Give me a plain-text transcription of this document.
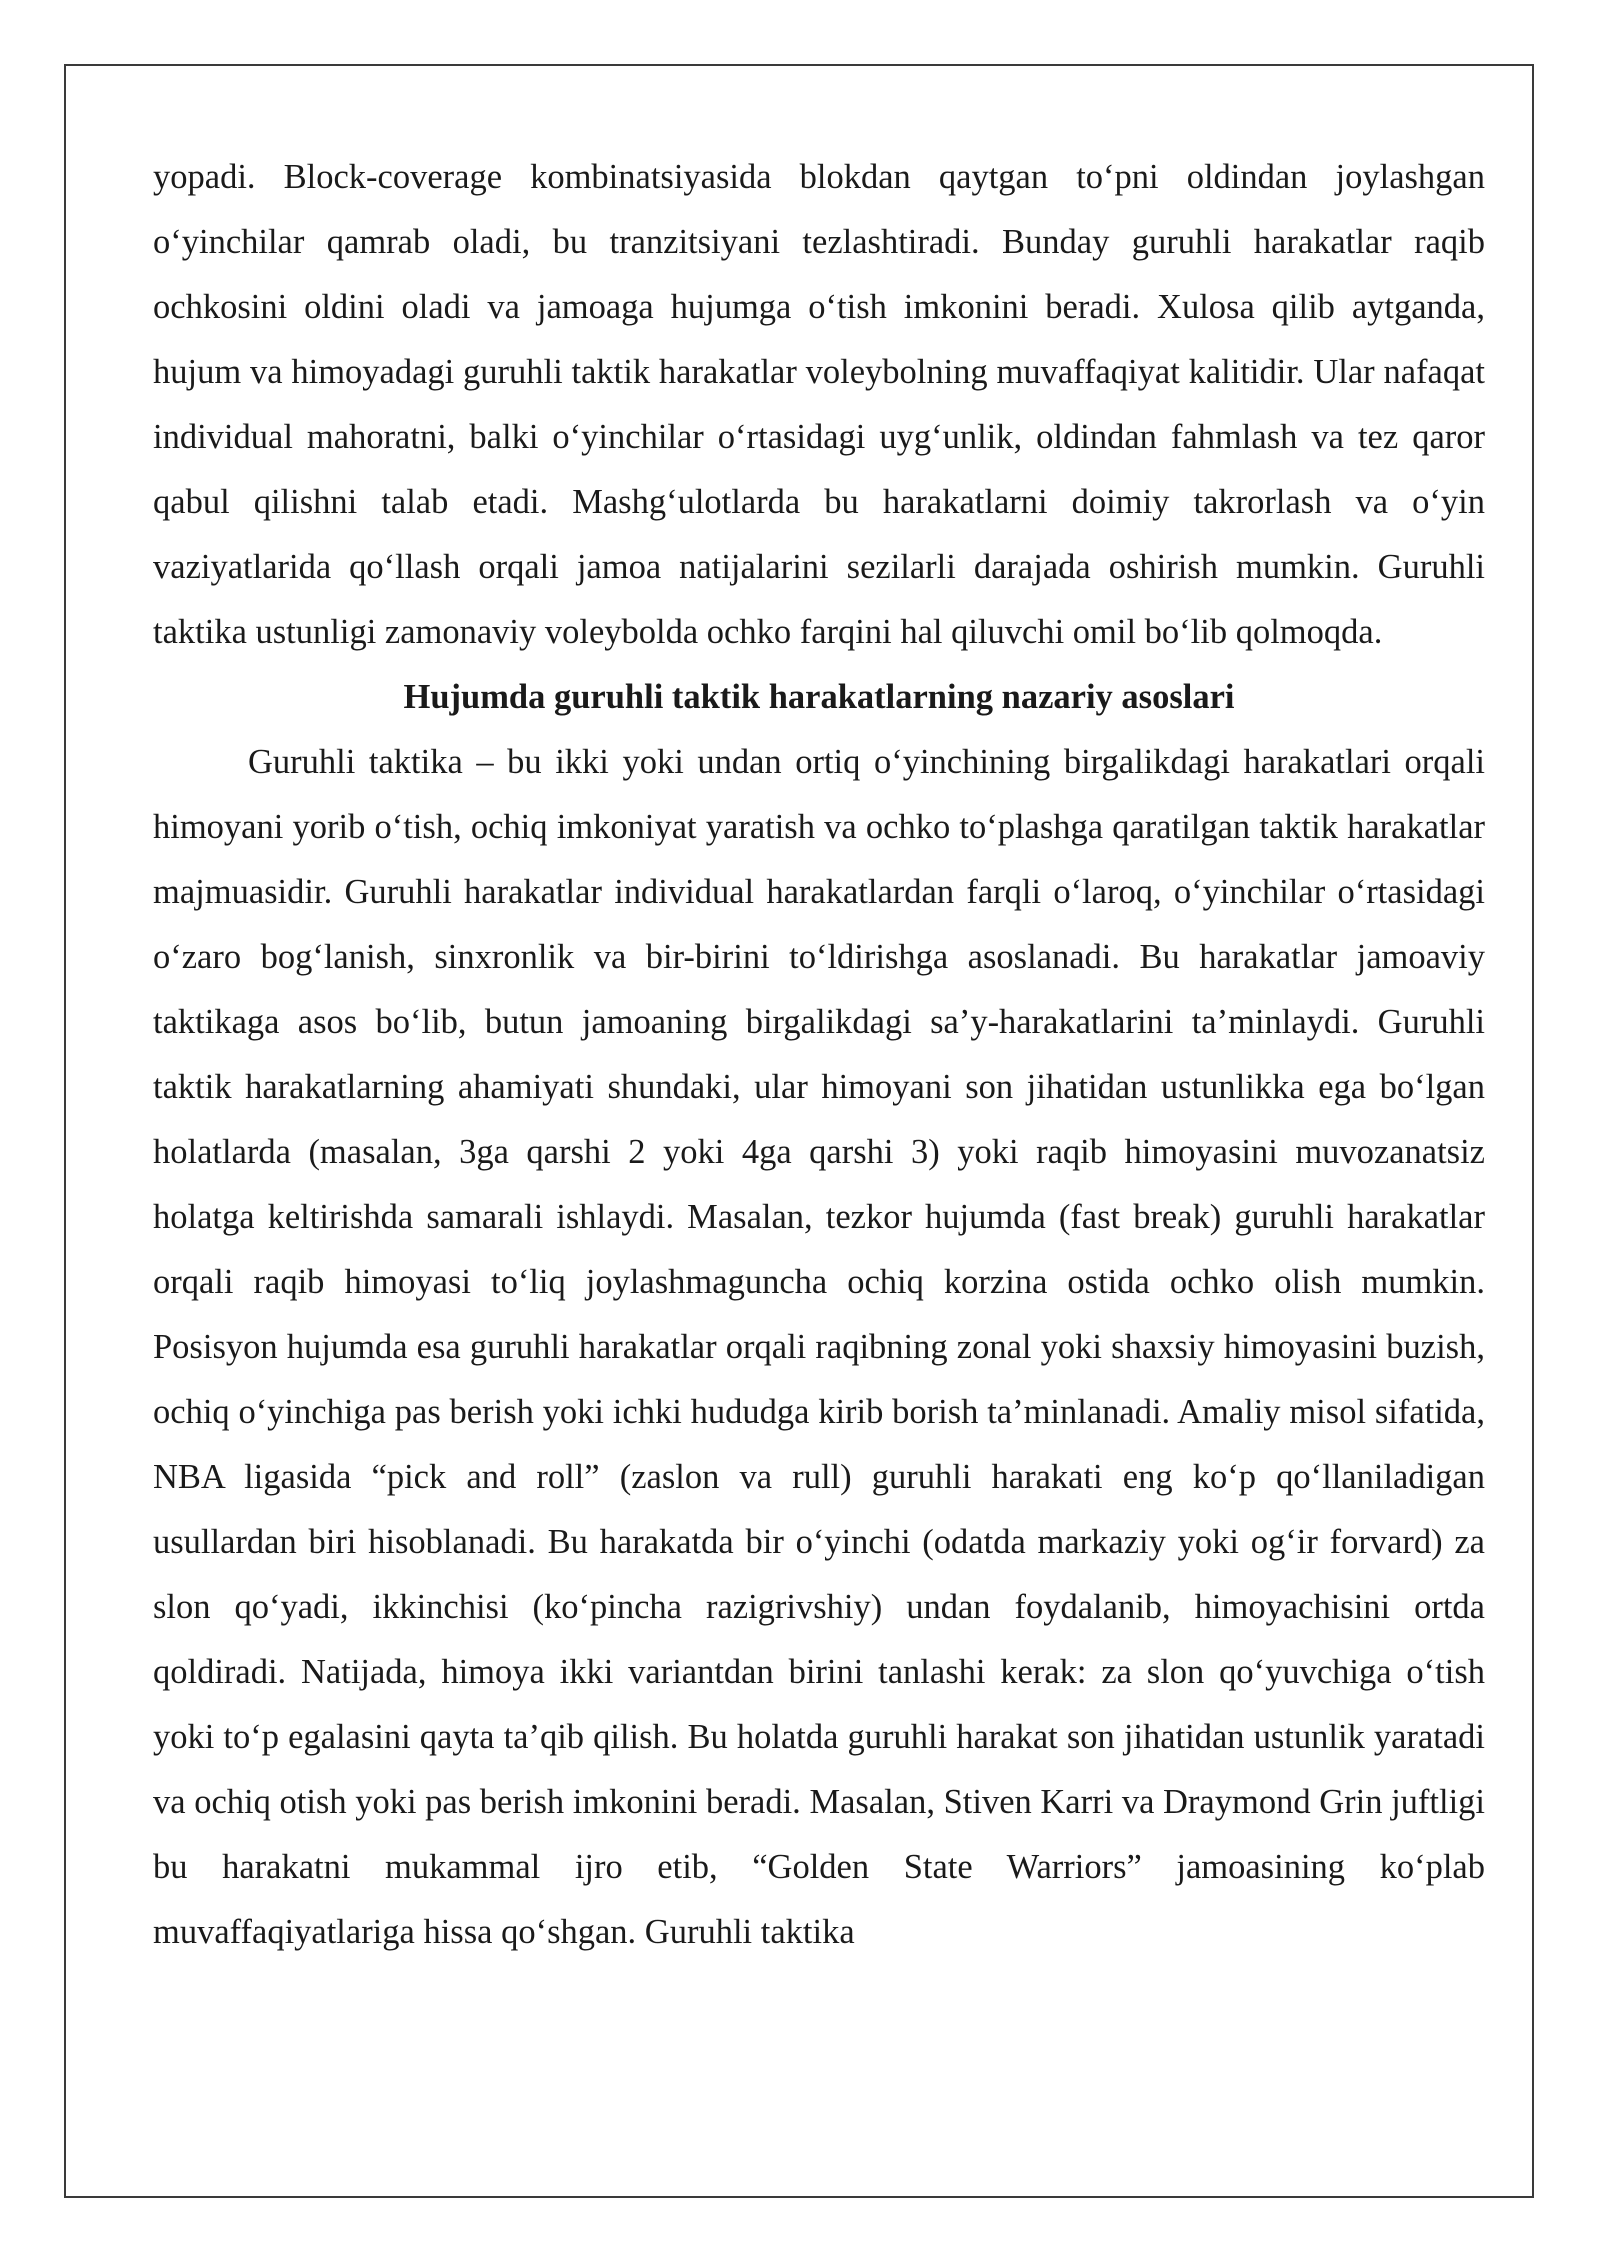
yopadi. Block-coverage kombinatsiyasida blokdan qaytgan to‘pni oldindan joylashgan o‘yinchilar qamrab oladi, bu tranzitsiyani tezlashtiradi. Bunday guruhli harakatlar raqib ochkosini oldini oladi va jamoaga hujumga o‘tish imkonini beradi. Xulosa qilib aytganda, hujum va himoyadagi guruhli taktik harakatlar voleybolning muvaffaqiyat kalitidir. Ular nafaqat individual mahoratni, balki o‘yinchilar o‘rtasidagi uyg‘unlik, oldindan fahmlash va tez qaror qabul qilishni talab etadi. Mashg‘ulotlarda bu harakatlarni doimiy takrorlash va o‘yin vaziyatlarida qo‘llash orqali jamoa natijalarini sezilarli darajada oshirish mumkin. Guruhli taktika ustunligi zamonaviy voleybolda ochko farqini hal qiluvchi omil bo‘lib qolmoqda.

Hujumda guruhli taktik harakatlarning nazariy asoslari

Guruhli taktika – bu ikki yoki undan ortiq o‘yinchining birgalikdagi harakatlari orqali himoyani yorib o‘tish, ochiq imkoniyat yaratish va ochko to‘plashga qaratilgan taktik harakatlar majmuasidir. Guruhli harakatlar individual harakatlardan farqli o‘laroq, o‘yinchilar o‘rtasidagi o‘zaro bog‘lanish, sinxronlik va bir-birini to‘ldirishga asoslanadi. Bu harakatlar jamoaviy taktikaga asos bo‘lib, butun jamoaning birgalikdagi sa’y-harakatlarini ta’minlaydi. Guruhli taktik harakatlarning ahamiyati shundaki, ular himoyani son jihatidan ustunlikka ega bo‘lgan holatlarda (masalan, 3ga qarshi 2 yoki 4ga qarshi 3) yoki raqib himoyasini muvozanatsiz holatga keltirishda samarali ishlaydi. Masalan, tezkor hujumda (fast break) guruhli harakatlar orqali raqib himoyasi to‘liq joylashmaguncha ochiq korzina ostida ochko olish mumkin. Posisyon hujumda esa guruhli harakatlar orqali raqibning zonal yoki shaxsiy himoyasini buzish, ochiq o‘yinchiga pas berish yoki ichki hududga kirib borish ta’minlanadi. Amaliy misol sifatida, NBA ligasida “pick and roll” (zaslon va rull) guruhli harakati eng ko‘p qo‘llaniladigan usullardan biri hisoblanadi. Bu harakatda bir o‘yinchi (odatda markaziy yoki og‘ir forvard) za slon qo‘yadi, ikkinchisi (ko‘pincha razigrivshiy) undan foydalanib, himoyachisini ortda qoldiradi. Natijada, himoya ikki variantdan birini tanlashi kerak: za slon qo‘yuvchiga o‘tish yoki to‘p egalasini qayta ta’qib qilish. Bu holatda guruhli harakat son jihatidan ustunlik yaratadi va ochiq otish yoki pas berish imkonini beradi. Masalan, Stiven Karri va Draymond Grin juftligi bu harakatni mukammal ijro etib, “Golden State Warriors” jamoasining ko‘plab muvaffaqiyatlariga hissa qo‘shgan. Guruhli taktika
